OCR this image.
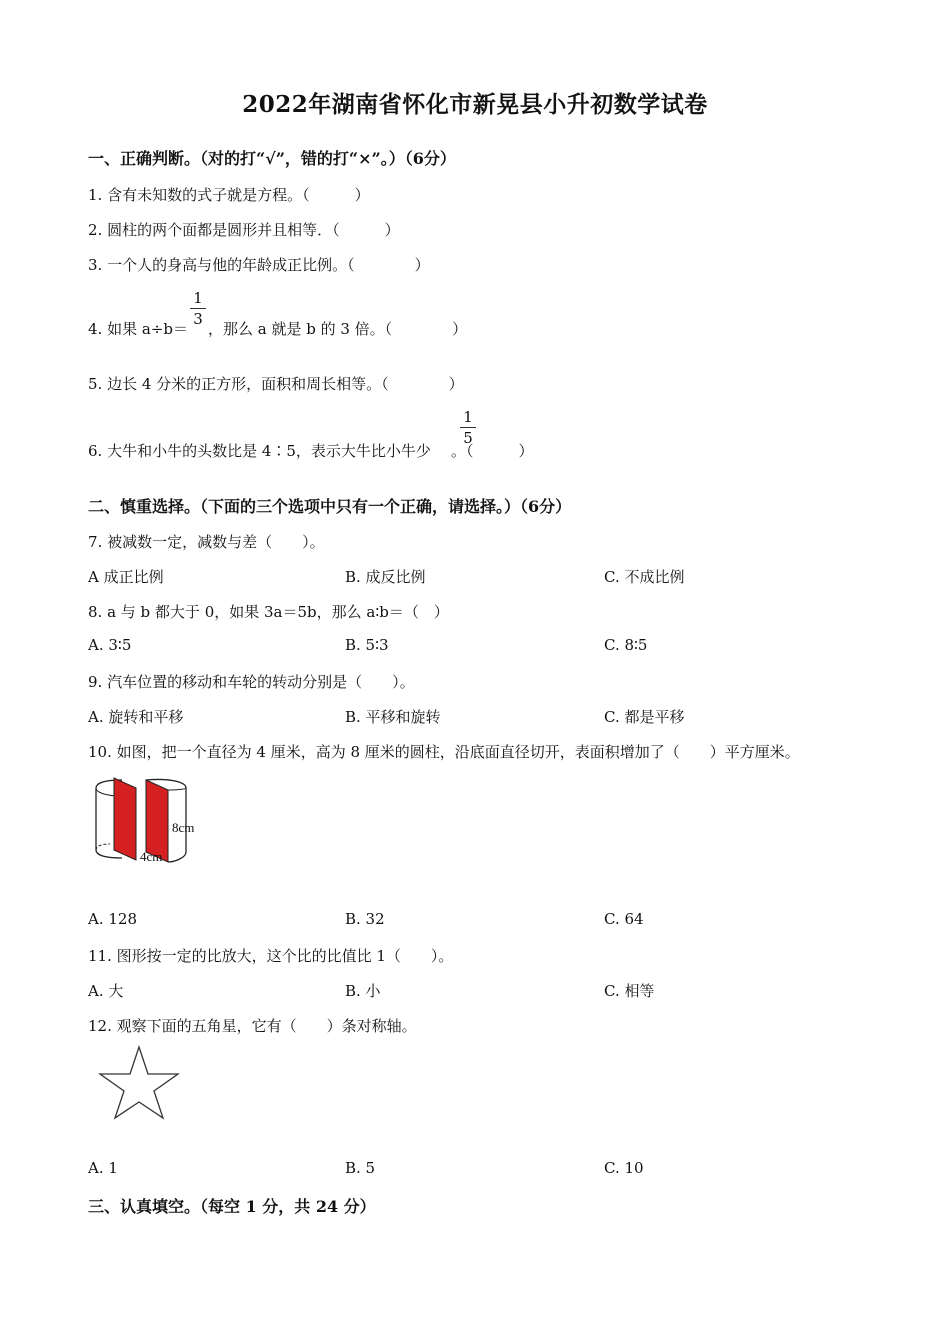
2022年湖南省怀化市新晃县小升初数学试卷
一、正确判断。（对的打“√”，错的打“×”。）（6分）
1. 含有未知数的式子就是方程。（　　　）
2. 圆柱的两个面都是圆形并且相等．（　　　）
3. 一个人的身高与他的年龄成正比例。（　　　　）
4. 如果 a÷b＝ ，那么 a 就是 b 的 3 倍。（　　　　）
1
3
5. 边长 4 分米的正方形，面积和周长相等。（　　　　）
6. 大牛和小牛的头数比是 4∶5，表示大牛比小牛少 。（　　　）
1
5
二、慎重选择。（下面的三个选项中只有一个正确，请选择。）（6分）
7. 被减数一定，减数与差（　　）。
A 成正比例	B. 成反比例	C. 不成比例
8. a 与 b 都大于 0，如果 3a＝5b，那么 a∶b＝（　）
A. 3∶5	B. 5∶3	C. 8∶5
9. 汽车位置的移动和车轮的转动分别是（　　）。
A. 旋转和平移	B. 平移和旋转	C. 都是平移
10. 如图，把一个直径为 4 厘米，高为 8 厘米的圆柱，沿底面直径切开，表面积增加了（　　）平方厘米。
8cm
4cm
A. 128	B. 32	C. 64
11. 图形按一定的比放大，这个比的比值比 1（　　）。
A. 大	B. 小	C. 相等
12. 观察下面的五角星，它有（　　）条对称轴。
A. 1	B. 5	C. 10
三、认真填空。（每空 1 分，共 24 分）
